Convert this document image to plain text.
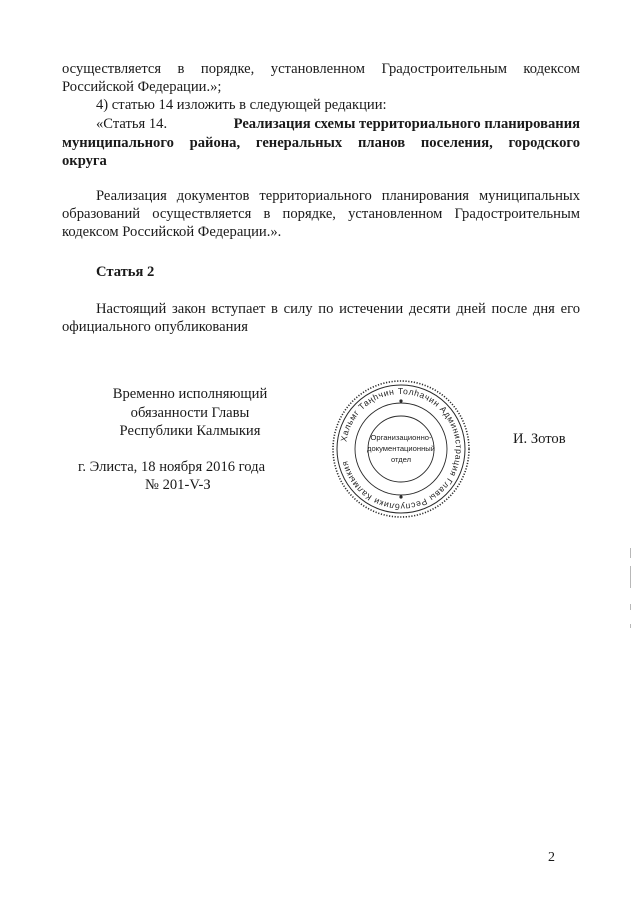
осуществляется в порядке, установленном Градостроительным кодексом
Российской Федерации.»;
4) статью 14 изложить в следующей редакции:
«Статья 14.	Реализация схемы территориального планирования
муниципального района, генеральных планов поселения, городского
округа
Реализация документов территориального планирования муниципальных
образований осуществляется в порядке, установленном Градостроительным
кодексом Российской Федерации.».
Статья 2
Настоящий закон вступает в силу по истечении десяти дней после дня его
официального опубликования
Временно исполняющий
обязанности Главы
Республики Калмыкия
г. Элиста, 18 ноября 2016 года
№ 201-V-З
И. Зотов
Хальмг Таңһчин Толһачин Администрация Главы Республики Калмыкия
Организационно-
документационный
отдел
2
